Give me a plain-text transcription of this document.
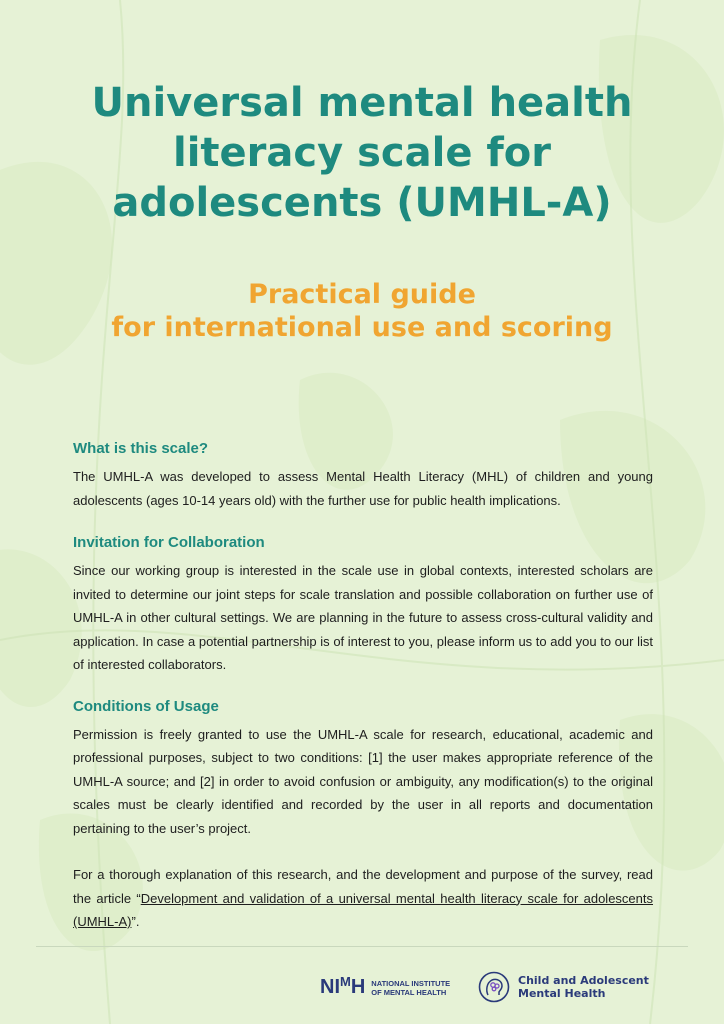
Universal mental health literacy scale for adolescents (UMHL-A)
Practical guide
for international use and scoring
What is this scale?

The UMHL-A was developed to assess Mental Health Literacy (MHL) of children and young adolescents (ages 10-14 years old) with the further use for public health implications.

Invitation for Collaboration

Since our working group is interested in the scale use in global contexts, interested scholars are invited to determine our joint steps for scale translation and possible collaboration on further use of UMHL-A in other cultural settings. We are planning in the future to assess cross-cultural validity and application. In case a potential partnership is of interest to you, please inform us to add you to our list of interested collaborators.

Conditions of Usage

Permission is freely granted to use the UMHL-A scale for research, educational, academic and professional purposes, subject to two conditions: [1] the user makes appropriate reference of the UMHL-A source; and [2] in order to avoid confusion or ambiguity, any modification(s) to the original scales must be clearly identified and recorded by the user in all reports and documentation pertaining to the user’s project.

For a thorough explanation of this research, and the development and purpose of the survey, read the article “Development and validation of a universal mental health literacy scale for adolescents (UMHL-A)”.

$NI^MH$ NATIONAL INSTITUTE
OF MENTAL HEALTH
Child and Adolescent
Mental Health
